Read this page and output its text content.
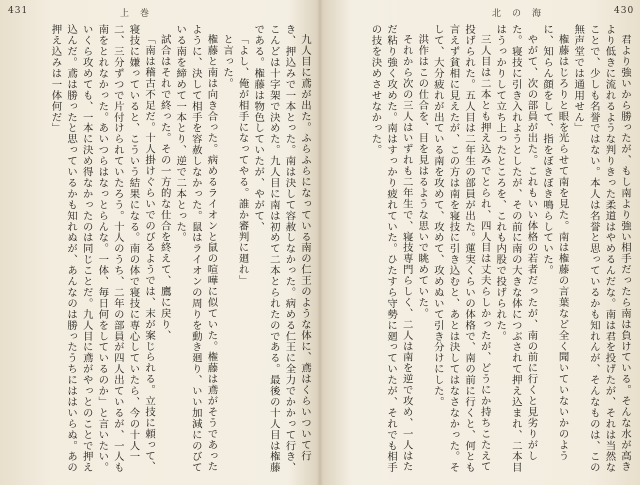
431	上　巻

九人目に鳶が出た。ふらふらになっている南の仁王のような体に、鳶はくらいついて行き、押込みで一本とった。南は決して容赦しなかった。病める仁王に全力でかかって行き、こんどは十字架で決めた。九人目に南は初めて二本とられたのである。最後の十人目は権藤である。権藤は物色していたが、やがて、

「よし、俺が相手になってやる。誰か審判に廻れ」

と言った。

権藤と南は向き合った。病めるライオンと鼠の喧嘩に似ていた。権藤は鳶がそうであったように、決して相手を容赦しなかった。鼠はライオンの周りを動き廻り、いい加減にのびている南を締めて一本とり、逆で二本とった。

試合はそれで終った。その一方的な仕合を終えて、鷹に戻り、

「南は稽古不足だ。十人掛けぐらいでのびるようでは、末が案じられる。立技に頼って、寝技に嫌っていると、こういう結果になる。南の体で寝技に専心していたら、今の十人一二、三分ずつで片付けられていたろう。十人のうち、二年の部員が四人出ているが、一人も南をとれなかった。あいつらはなっとらんな。一体、毎日何をしているのか」と言いたい。いくら攻めても、一本に決め得なかったのは同じことだ。九人目に鳶がやっとのことで押え込んだ。鳶は勝ったと思っているかも知れぬが、あんなのは勝ったうちにははいらぬ。あの押え込みは一体何だ」

北　の　海	430

君より強いから勝ったが、もし南より強い相手だったら南は負けている。そんな水が高きより低きに流れるような判りきった柔道はやめるんだな。南は君を投げたが、それは当然なことで、少しも名誉ではない。本人は名誉と思っているかも知れんが、そんなものは、この無声堂では通用せん」

権藤はじろりと眼を光らせて南を見た。南は権藤の言葉など全く聞いていないかのように、知らん顔をして、指をぼきぼき鳴らしていた。

やがて、次の部員が出た。これもいい体格の若者だったが、南の前に行くと見劣りがした。寝技に引き入れようとしたが、その前に南の大きな体につぶされて押え込まれ、二本目はうっかりして立ち上ったところを、これも内股で投げられた。

三人目は二本とも押え込みでとられ、四人目は丈夫らしかったが、どうにか持ちこたえて投げられた。五人目は二年生の部員が出た。蓮実くらいの体格で、南の前に行くと、何とも言えず貧相に見えたが、この方は南を寝技に引き込むと、あとは決してはなさなかった。そして、大分疲れが出ている南を攻めて、攻めて、攻めぬいて引き分けにした。

洪作はこの仕合を、目を見はるような思いで眺めていた。

それから次の三人はいずれも二年生で、寝技専門らしく、二人は南を逆で攻め、一人はただ粘り強く攻めた。南はすっかり疲れていた。ひたすら守勢に廻っていたが、それでも相手の技を決めさせなかった。
